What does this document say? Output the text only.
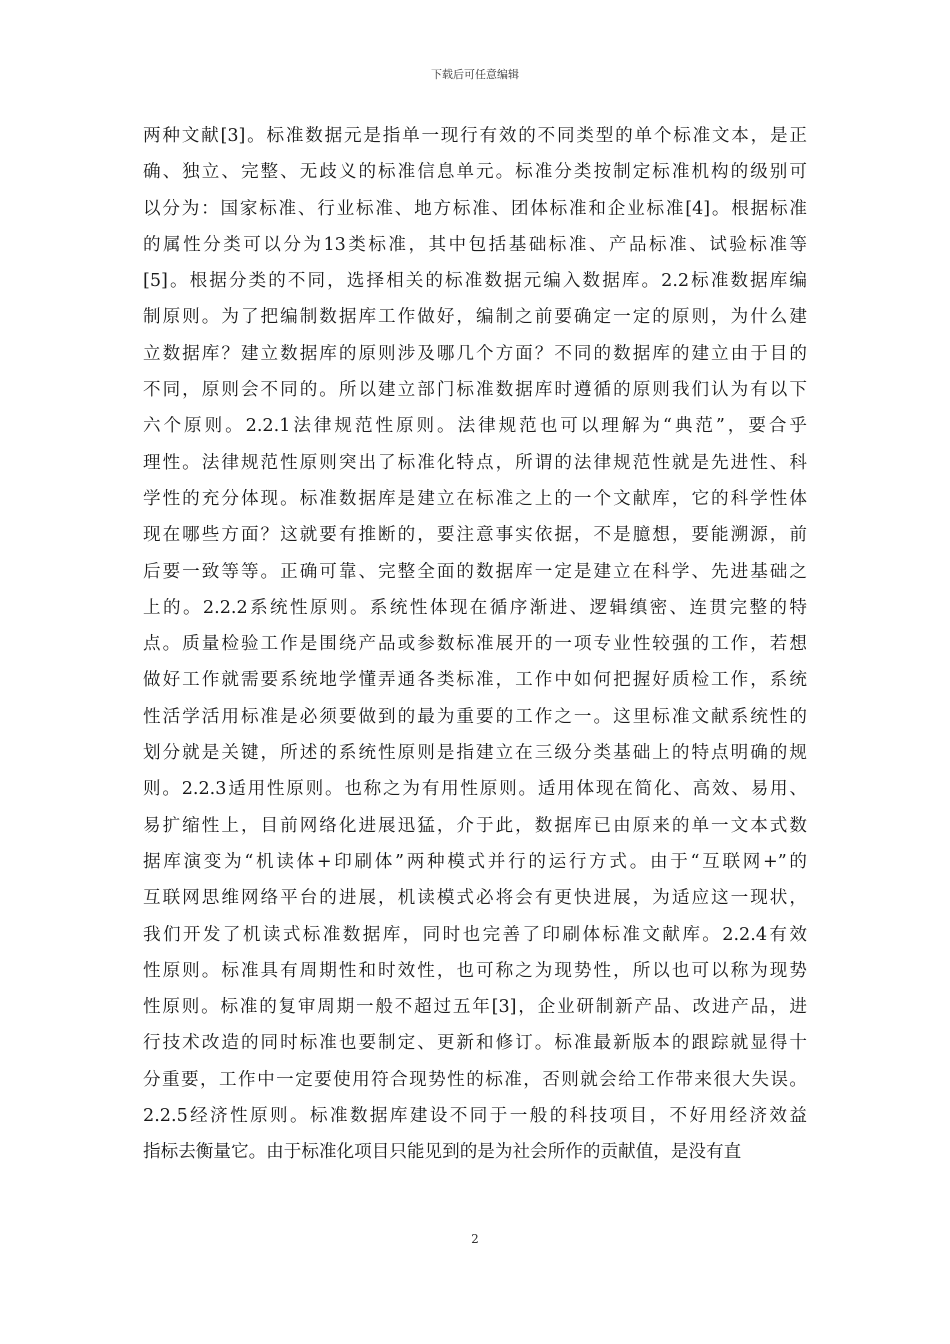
下载后可任意编辑
两种文献[3]。标准数据元是指单一现行有效的不同类型的单个标准文本，是正
确、独立、完整、无歧义的标准信息单元。标准分类按制定标准机构的级别可
以分为：国家标准、行业标准、地方标准、团体标准和企业标准[4]。根据标准
的属性分类可以分为13类标准，其中包括基础标准、产品标准、试验标准等
[5]。根据分类的不同，选择相关的标准数据元编入数据库。2.2标准数据库编
制原则。为了把编制数据库工作做好，编制之前要确定一定的原则，为什么建
立数据库？建立数据库的原则涉及哪几个方面？不同的数据库的建立由于目的
不同，原则会不同的。所以建立部门标准数据库时遵循的原则我们认为有以下
六个原则。2.2.1法律规范性原则。法律规范也可以理解为“典范”，要合乎
理性。法律规范性原则突出了标准化特点，所谓的法律规范性就是先进性、科
学性的充分体现。标准数据库是建立在标准之上的一个文献库，它的科学性体
现在哪些方面？这就要有推断的，要注意事实依据，不是臆想，要能溯源，前
后要一致等等。正确可靠、完整全面的数据库一定是建立在科学、先进基础之
上的。2.2.2系统性原则。系统性体现在循序渐进、逻辑缜密、连贯完整的特
点。质量检验工作是围绕产品或参数标准展开的一项专业性较强的工作，若想
做好工作就需要系统地学懂弄通各类标准，工作中如何把握好质检工作，系统
性活学活用标准是必须要做到的最为重要的工作之一。这里标准文献系统性的
划分就是关键，所述的系统性原则是指建立在三级分类基础上的特点明确的规
则。2.2.3适用性原则。也称之为有用性原则。适用体现在简化、高效、易用、
易扩缩性上，目前网络化进展迅猛，介于此，数据库已由原来的单一文本式数
据库演变为“机读体+印刷体”两种模式并行的运行方式。由于“互联网+”的
互联网思维网络平台的进展，机读模式必将会有更快进展，为适应这一现状，
我们开发了机读式标准数据库，同时也完善了印刷体标准文献库。2.2.4有效
性原则。标准具有周期性和时效性，也可称之为现势性，所以也可以称为现势
性原则。标准的复审周期一般不超过五年[3]，企业研制新产品、改进产品，进
行技术改造的同时标准也要制定、更新和修订。标准最新版本的跟踪就显得十
分重要，工作中一定要使用符合现势性的标准，否则就会给工作带来很大失误。
2.2.5经济性原则。标准数据库建设不同于一般的科技项目，不好用经济效益
指标去衡量它。由于标准化项目只能见到的是为社会所作的贡献值，是没有直
2
